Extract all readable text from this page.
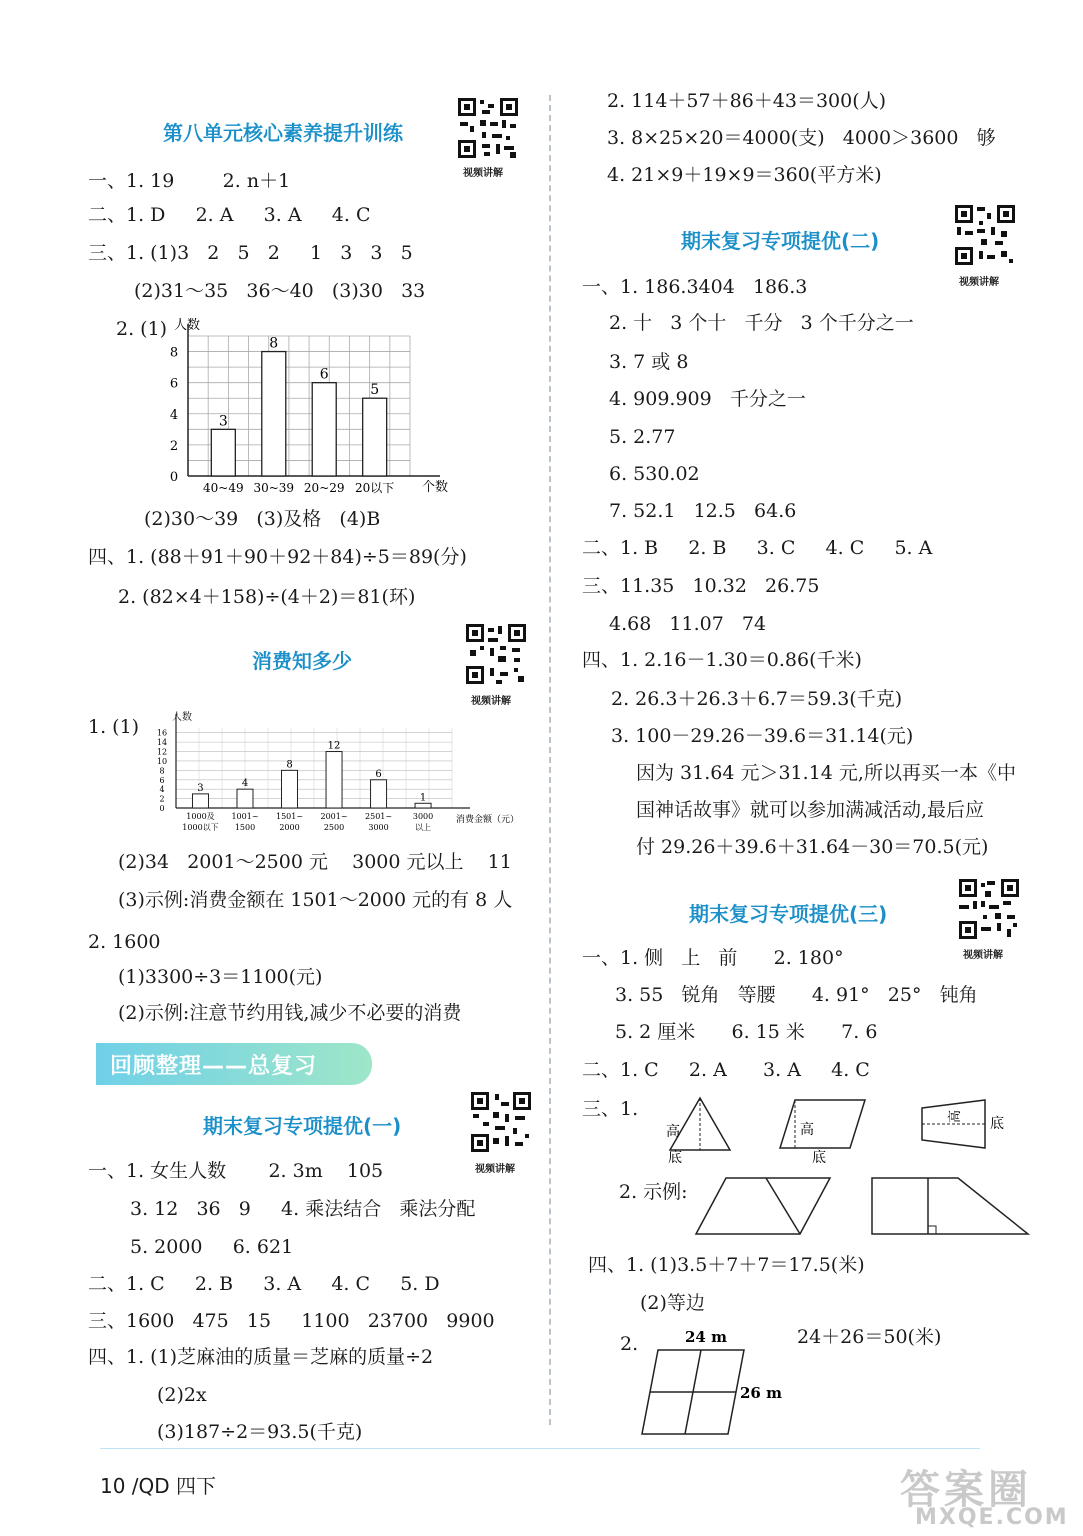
第八单元核心素养提升训练
视频讲解
一、1. 19        2. n＋1
二、1. D     2. A     3. A     4. C
三、1. (1)3   2   5   2     1   3   3   5
(2)31～35   36～40   (3)30   33
2. (1) 人数
个数
0
2
4
6
8
3
40~49
8
30~39
6
20~29
5
20以下
(2)30～39   (3)及格   (4)B
四、1. (88＋91＋90＋92＋84)÷5＝89(分)
2. (82×4＋158)÷(4＋2)＝81(环)
消费知多少
视频讲解
1. (1)
0
2
4
6
8
10
12
14
16
人数
消费金额（元）
3
1000及
1000以下
4
1001~
1500
8
1501~
2000
12
2001~
2500
6
2501~
3000
1
3000
以上
(2)34   2001～2500 元    3000 元以上    11
(3)示例:消费金额在 1501～2000 元的有 8 人
2. 1600
(1)3300÷3＝1100(元)
(2)示例:注意节约用钱,减少不必要的消费
回顾整理——总复习
期末复习专项提优(一)
视频讲解
一、1. 女生人数       2. 3m    105
3. 12   36   9     4. 乘法结合   乘法分配
5. 2000     6. 621
二、1. C     2. B     3. A     4. C     5. D
三、1600   475   15     1100   23700   9900
四、1. (1)芝麻油的质量＝芝麻的质量÷2
(2)2x
(3)187÷2＝93.5(千克)
2. 114＋57＋86＋43＝300(人)
3. 8×25×20＝4000(支)   4000＞3600   够
4. 21×9＋19×9＝360(平方米)
期末复习专项提优(二)
视频讲解
一、1. 186.3404   186.3
2. 十   3 个十   千分   3 个千分之一
3. 7 或 8
4. 909.909   千分之一
5. 2.77
6. 530.02
7. 52.1   12.5   64.6
二、1. B     2. B     3. C     4. C     5. A
三、11.35   10.32   26.75
4.68   11.07   74
四、1. 2.16－1.30＝0.86(千米)
2. 26.3＋26.3＋6.7＝59.3(千克)
3. 100－29.26－39.6＝31.14(元)
因为 31.64 元＞31.14 元,所以再买一本《中
国神话故事》就可以参加满减活动,最后应
付 29.26＋39.6＋31.64－30＝70.5(元)
期末复习专项提优(三)
视频讲解
一、1. 侧   上   前      2. 180°
3. 55   锐角   等腰      4. 91°   25°   钝角
5. 2 厘米      6. 15 米      7. 6
二、1. C     2. A      3. A     4. C
三、1.
高
底
高
底
高 底
2. 示例:
四、1. (1)3.5＋7＋7＝17.5(米)
(2)等边
2.	24＋26＝50(米)
24 m
26 m
10 /QD 四下	答案圈
MXQE.COM
